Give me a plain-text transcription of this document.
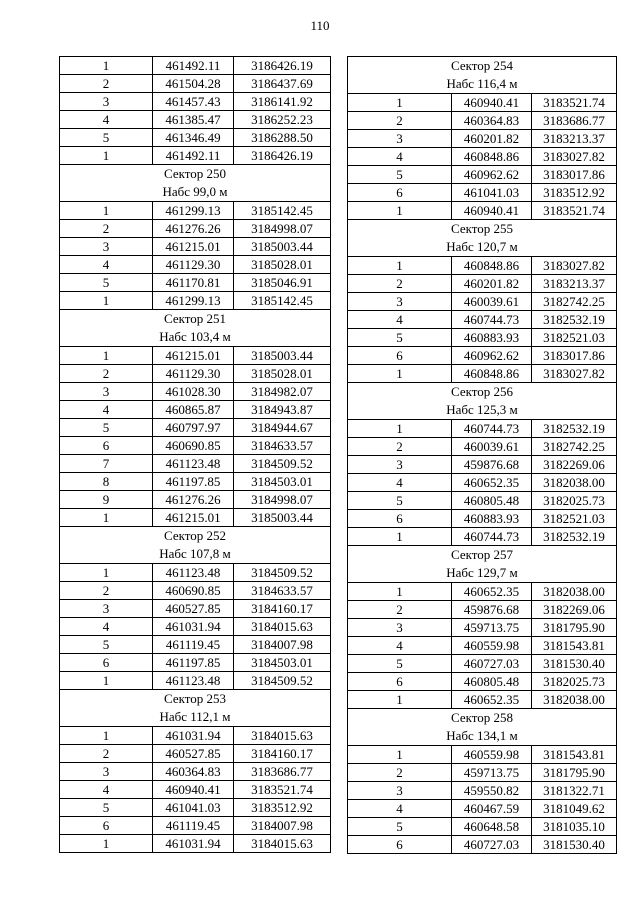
110
1	461492.11	3186426.19
2	461504.28	3186437.69
3	461457.43	3186141.92
4	461385.47	3186252.23
5	461346.49	3186288.50
1	461492.11	3186426.19
Сектор 250		
Набс 99,0 м		
1	461299.13	3185142.45
2	461276.26	3184998.07
3	461215.01	3185003.44
4	461129.30	3185028.01
5	461170.81	3185046.91
1	461299.13	3185142.45
Сектор 251		
Набс 103,4 м		
1	461215.01	3185003.44
2	461129.30	3185028.01
3	461028.30	3184982.07
4	460865.87	3184943.87
5	460797.97	3184944.67
6	460690.85	3184633.57
7	461123.48	3184509.52
8	461197.85	3184503.01
9	461276.26	3184998.07
1	461215.01	3185003.44
Сектор 252		
Набс 107,8 м		
1	461123.48	3184509.52
2	460690.85	3184633.57
3	460527.85	3184160.17
4	461031.94	3184015.63
5	461119.45	3184007.98
6	461197.85	3184503.01
1	461123.48	3184509.52
Сектор 253		
Набс 112,1 м		
1	461031.94	3184015.63
2	460527.85	3184160.17
3	460364.83	3183686.77
4	460940.41	3183521.74
5	461041.03	3183512.92
6	461119.45	3184007.98
1	461031.94	3184015.63
Сектор 254		
Набс 116,4 м		
1	460940.41	3183521.74
2	460364.83	3183686.77
3	460201.82	3183213.37
4	460848.86	3183027.82
5	460962.62	3183017.86
6	461041.03	3183512.92
1	460940.41	3183521.74
Сектор 255		
Набс 120,7 м		
1	460848.86	3183027.82
2	460201.82	3183213.37
3	460039.61	3182742.25
4	460744.73	3182532.19
5	460883.93	3182521.03
6	460962.62	3183017.86
1	460848.86	3183027.82
Сектор 256		
Набс 125,3 м		
1	460744.73	3182532.19
2	460039.61	3182742.25
3	459876.68	3182269.06
4	460652.35	3182038.00
5	460805.48	3182025.73
6	460883.93	3182521.03
1	460744.73	3182532.19
Сектор 257		
Набс 129,7 м		
1	460652.35	3182038.00
2	459876.68	3182269.06
3	459713.75	3181795.90
4	460559.98	3181543.81
5	460727.03	3181530.40
6	460805.48	3182025.73
1	460652.35	3182038.00
Сектор 258		
Набс 134,1 м		
1	460559.98	3181543.81
2	459713.75	3181795.90
3	459550.82	3181322.71
4	460467.59	3181049.62
5	460648.58	3181035.10
6	460727.03	3181530.40
